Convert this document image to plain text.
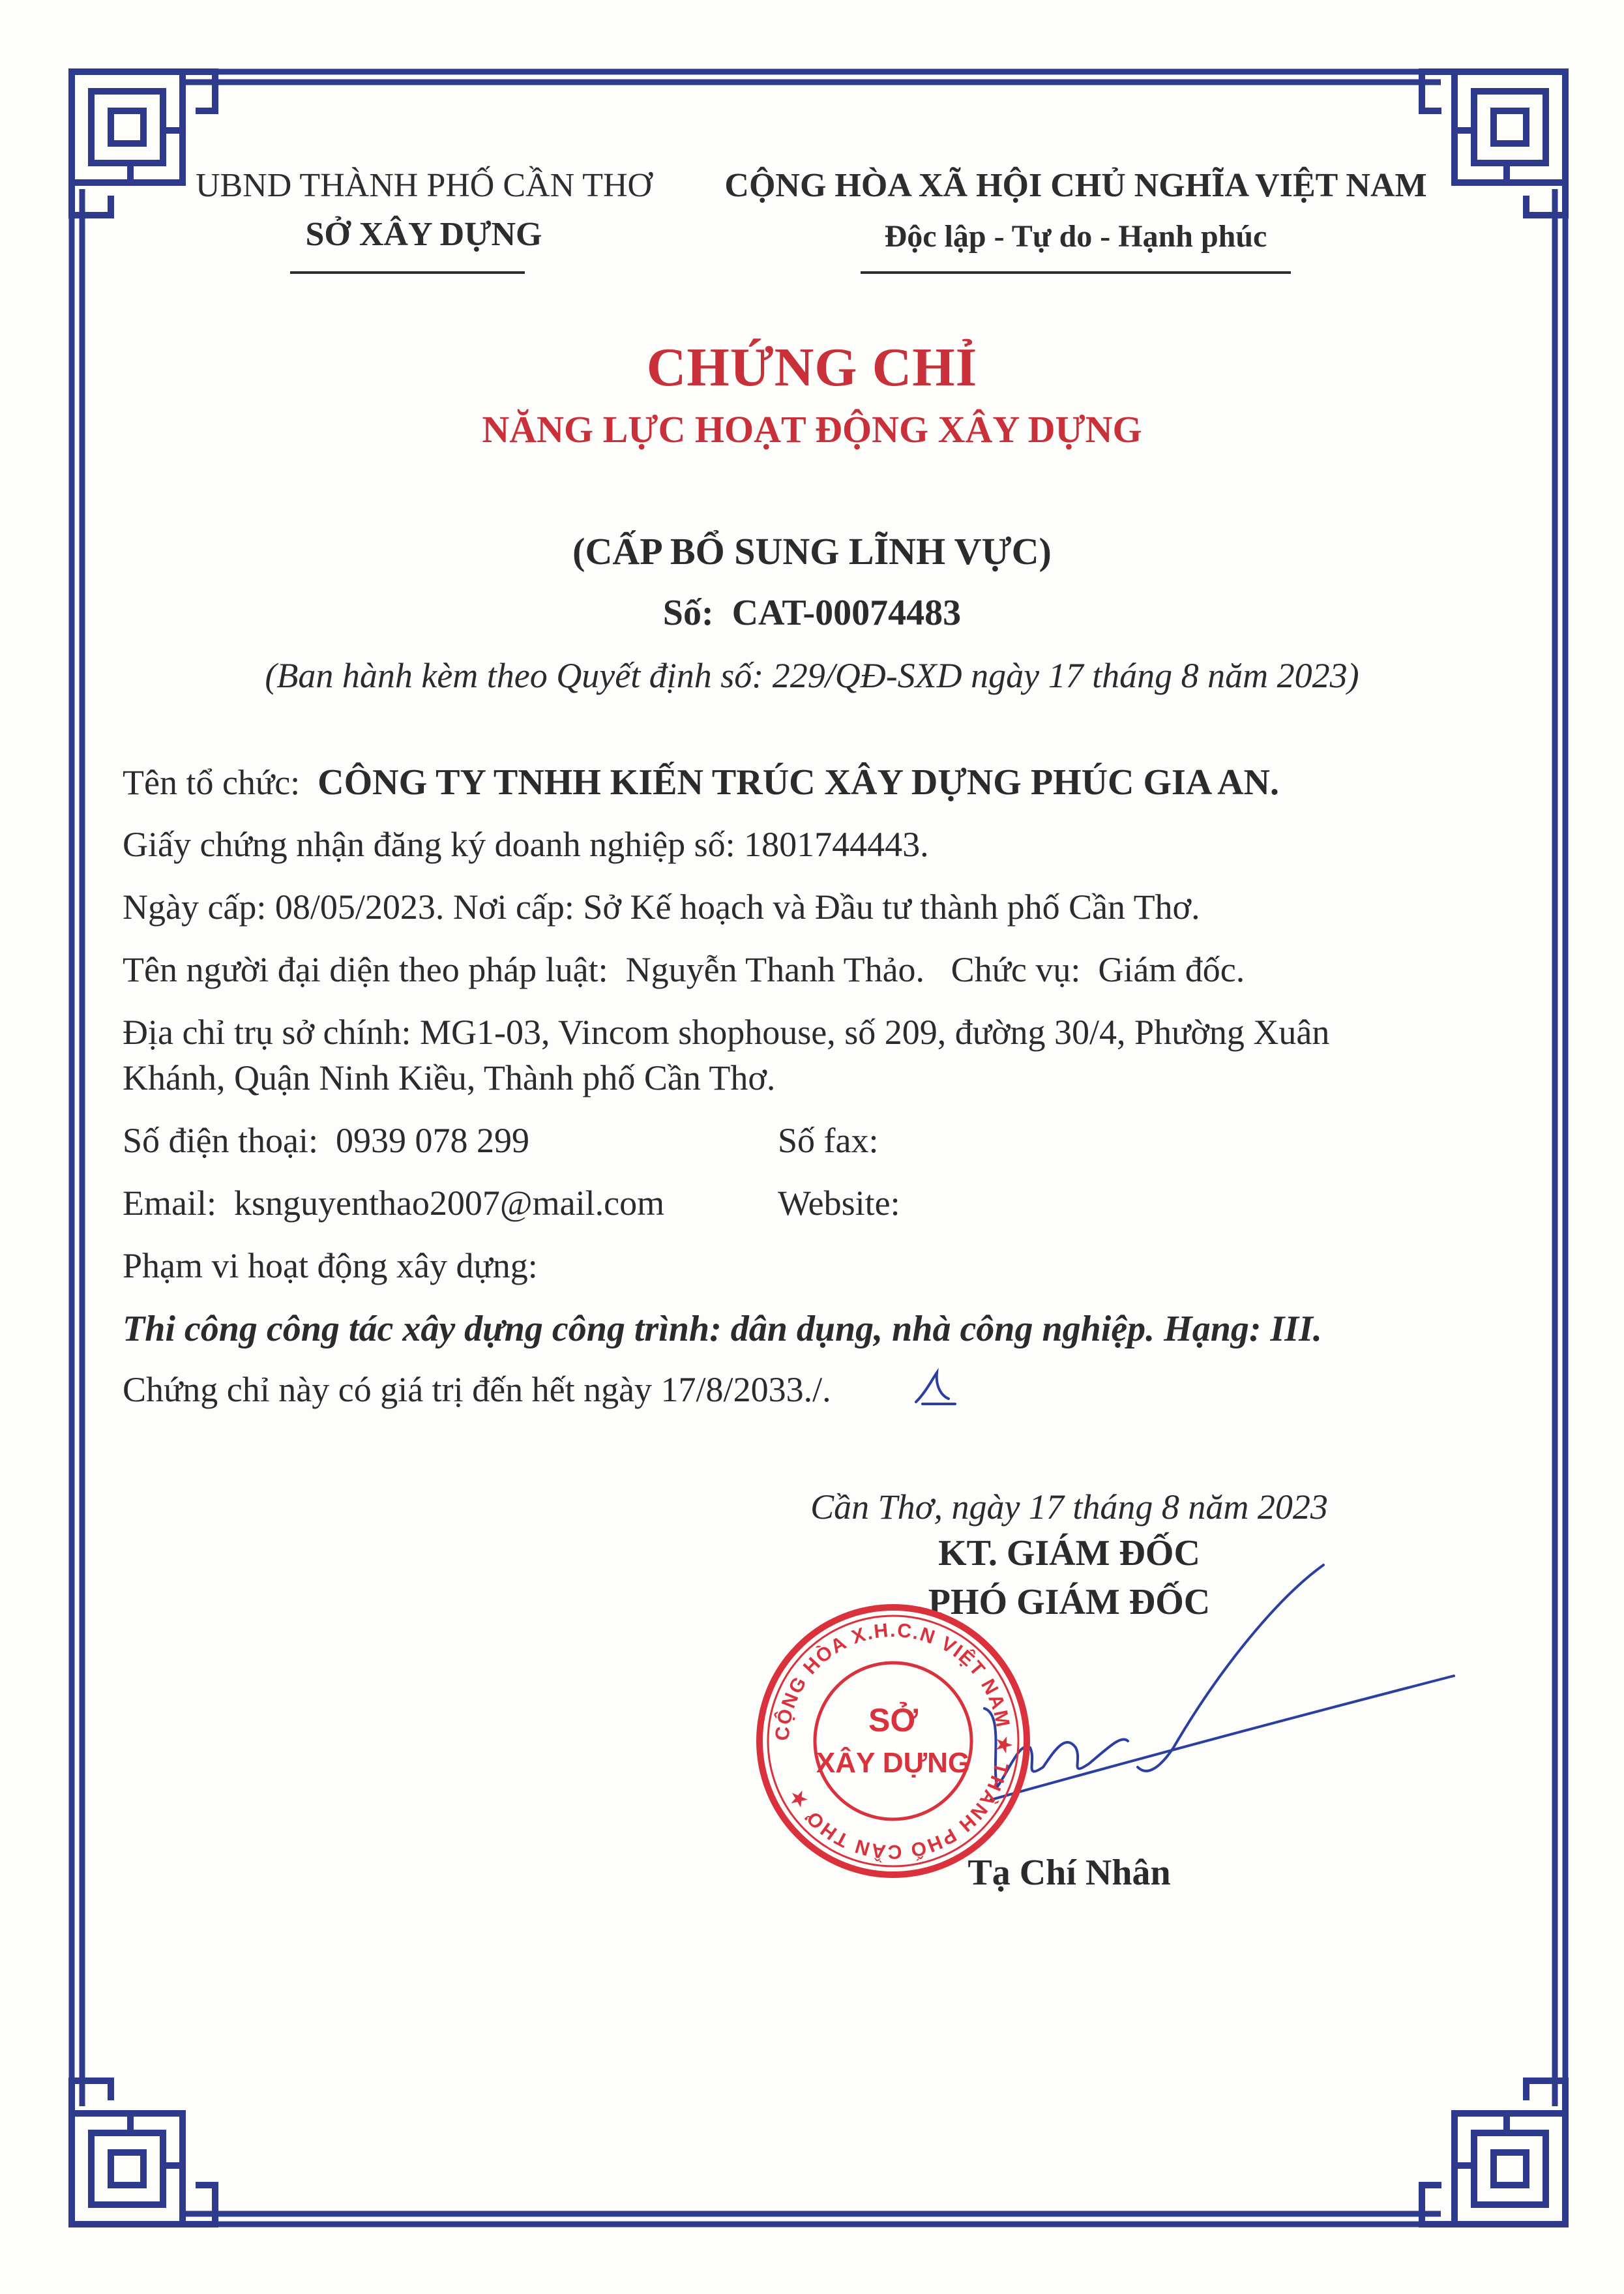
UBND THÀNH PHỐ CẦN THƠ
SỞ XÂY DỰNG
CỘNG HÒA XÃ HỘI CHỦ NGHĨA VIỆT NAM
Độc lập - Tự do - Hạnh phúc
CHỨNG CHỈ
NĂNG LỰC HOẠT ĐỘNG XÂY DỰNG
(CẤP BỔ SUNG LĨNH VỰC)
Số: CAT-00074483
(Ban hành kèm theo Quyết định số: 229/QĐ-SXD ngày 17 tháng 8 năm 2023)
Tên tổ chức: CÔNG TY TNHH KIẾN TRÚC XÂY DỰNG PHÚC GIA AN.
Giấy chứng nhận đăng ký doanh nghiệp số: 1801744443.
Ngày cấp: 08/05/2023. Nơi cấp: Sở Kế hoạch và Đầu tư thành phố Cần Thơ.
Tên người đại diện theo pháp luật: Nguyễn Thanh Thảo. Chức vụ: Giám đốc.
Địa chỉ trụ sở chính: MG1-03, Vincom shophouse, số 209, đường 30/4, Phường Xuân
Khánh, Quận Ninh Kiều, Thành phố Cần Thơ.
Số điện thoại: 0939 078 299	Số fax:
Email: ksnguyenthao2007@mail.com	Website:
Phạm vi hoạt động xây dựng:
Thi công công tác xây dựng công trình: dân dụng, nhà công nghiệp. Hạng: III.
Chứng chỉ này có giá trị đến hết ngày 17/8/2033./.
Cần Thơ, ngày 17 tháng 8 năm 2023
KT. GIÁM ĐỐC
PHÓ GIÁM ĐỐC
CỘNG HÒA X.H.C.N VIỆT NAM ★ THÀNH PHỐ CẦN THƠ ★
SỞ
XÂY DỰNG
Tạ Chí Nhân
